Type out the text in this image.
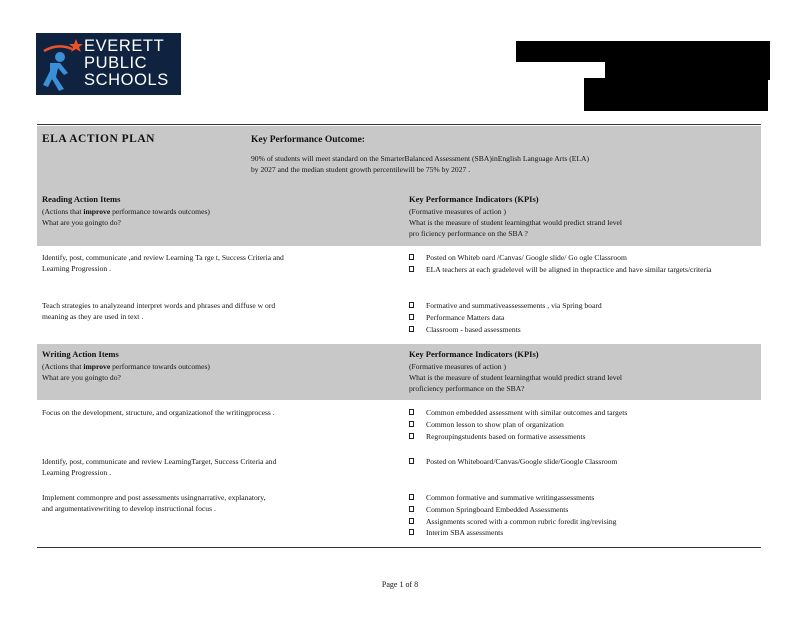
EVERETT
PUBLIC
SCHOOLS
ELA ACTION PLAN	Key Performance Outcome:
90% of students will meet standard on the SmarterBalanced Assessment (SBA)inEnglish Language Arts (ELA)
by 2027 and the median student growth percentilewill be 75% by 2027 .
Reading Action Items
(Actions that improve performance towards outcomes)
What are you goingto do?
Key Performance Indicators (KPIs)
(Formative measures of action )
What is the measure of student learningthat would predict strand level
pro ficiency performance on the SBA ?
Identify, post, communicate ,and review Learning Ta rge t, Success Criteria and
Learning Progression .
Posted on Whiteb oard /Canvas/ Google slide/ Go ogle Classroom
ELA teachers at each gradelevel will be aligned in thepractice and have similar targets/criteria
Teach strategies to analyzeand interpret words and phrases and diffuse w ord
meaning as they are used in text .
Formative and summativeassessements , via Spring board
Performance Matters data
Classroom - based assessments
Writing Action Items
(Actions that improve performance towards outcomes)
What are you goingto do?
Key Performance Indicators (KPIs)
(Formative measures of action )
What is the measure of student learningthat would predict strand level
proficiency performance on the SBA?
Focus on the development, structure, and organizationof the writingprocess .	Common embedded assessment with similar outcomes and targets
Common lesson to show plan of organization
Regroupingstudents based on formative assessments
Identify, post, communicate and review LearningTarget, Success Criteria and
Learning Progression .
Posted on Whiteboard/Canvas/Google slide/Google Classroom
Implement commonpre and post assessments usingnarrative, explanatory,
and argumentativewriting to develop instructional focus .
Common formative and summative writingassessments
Common Springboard Embedded Assessments
Assignments scored with a common rubric foredit ing/revising
Interim SBA assessments
Page 1 of 8
